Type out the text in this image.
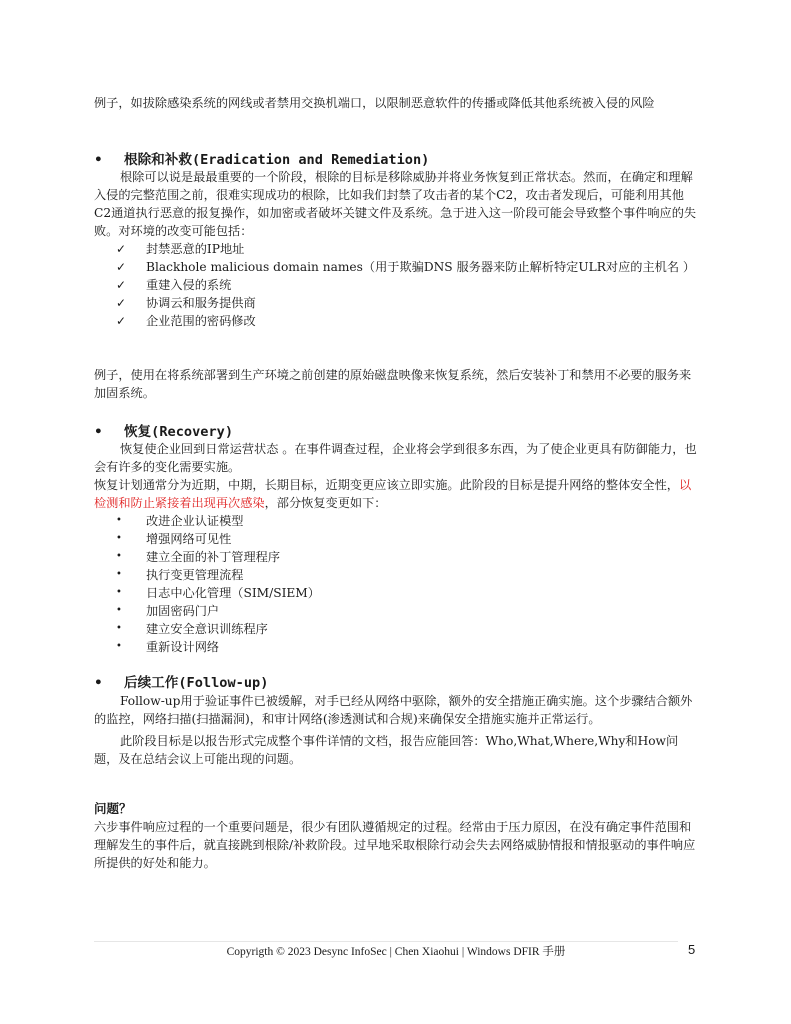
例子，如拔除感染系统的网线或者禁用交换机端口，以限制恶意软件的传播或降低其他系统被入侵的风险

• 根除和补救(Eradication and Remediation)

根除可以说是最最重要的一个阶段，根除的目标是移除威胁并将业务恢复到正常状态。然而，在确定和理解入侵的完整范围之前，很难实现成功的根除，比如我们封禁了攻击者的某个C2，攻击者发现后，可能利用其他C2通道执行恶意的报复操作，如加密或者破坏关键文件及系统。急于进入这一阶段可能会导致整个事件响应的失败。对环境的改变可能包括：

✓	封禁恶意的IP地址
✓	Blackhole malicious domain names（用于欺骗DNS 服务器来防止解析特定ULR对应的主机名 ）
✓	重建入侵的系统
✓	协调云和服务提供商
✓	企业范围的密码修改

例子，使用在将系统部署到生产环境之前创建的原始磁盘映像来恢复系统，然后安装补丁和禁用不必要的服务来加固系统。

• 恢复(Recovery)

恢复使企业回到日常运营状态 。在事件调查过程，企业将会学到很多东西，为了使企业更具有防御能力，也会有许多的变化需要实施。

恢复计划通常分为近期，中期，长期目标，近期变更应该立即实施。此阶段的目标是提升网络的整体安全性，以检测和防止紧接着出现再次感染，部分恢复变更如下：

•	改进企业认证模型
•	增强网络可见性
•	建立全面的补丁管理程序
•	执行变更管理流程
•	日志中心化管理（SIM/SIEM）
•	加固密码门户
•	建立安全意识训练程序
•	重新设计网络
• 后续工作(Follow-up)

Follow-up用于验证事件已被缓解，对手已经从网络中驱除，额外的安全措施正确实施。这个步骤结合额外的监控，网络扫描(扫描漏洞)，和审计网络(渗透测试和合规)来确保安全措施实施并正常运行。

此阶段目标是以报告形式完成整个事件详情的文档，报告应能回答：Who,What,Where,Why和How问题，及在总结会议上可能出现的问题。

问题？

六步事件响应过程的一个重要问题是，很少有团队遵循规定的过程。经常由于压力原因，在没有确定事件范围和理解发生的事件后，就直接跳到根除/补救阶段。过早地采取根除行动会失去网络威胁情报和情报驱动的事件响应所提供的好处和能力。

Copyrigth © 2023 Desync InfoSec | Chen Xiaohui | Windows DFIR 手册	5
